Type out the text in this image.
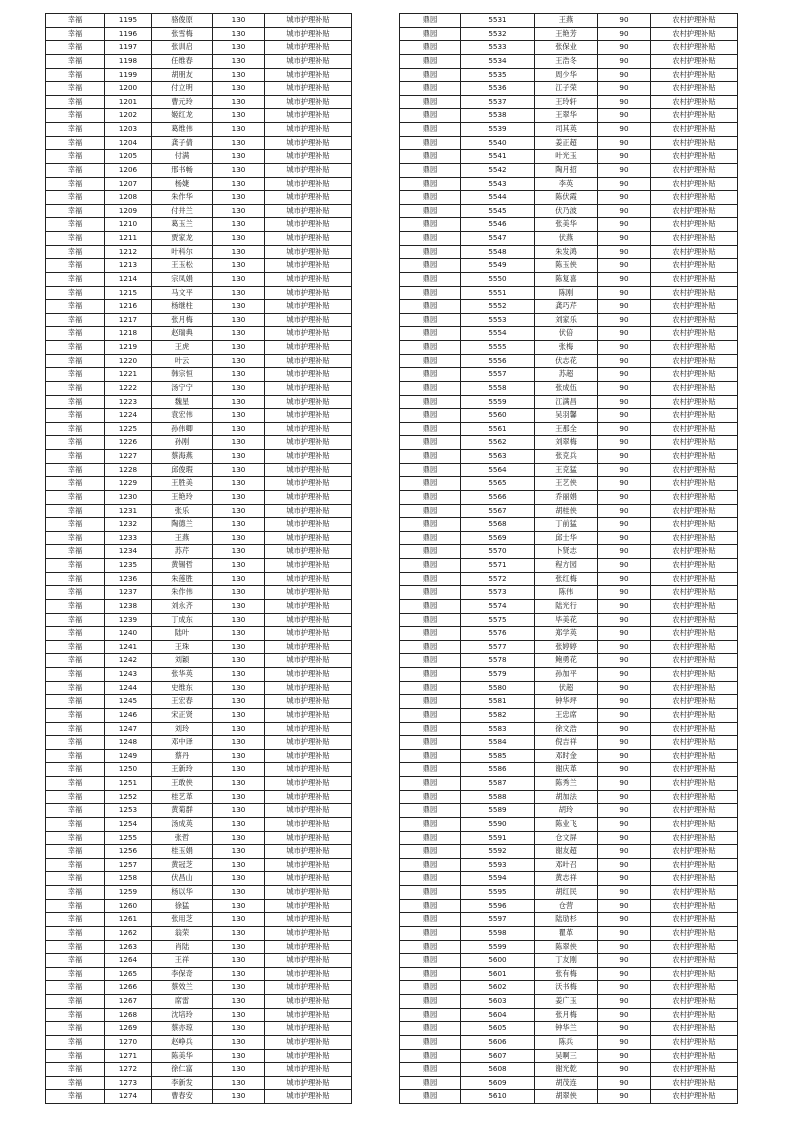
幸福	1195	骆俊原	130	城市护理补贴
幸福	1196	张雪梅	130	城市护理补贴
幸福	1197	张训启	130	城市护理补贴
幸福	1198	任维春	130	城市护理补贴
幸福	1199	胡朋友	130	城市护理补贴
幸福	1200	付立明	130	城市护理补贴
幸福	1201	曹元玲	130	城市护理补贴
幸福	1202	姬红龙	130	城市护理补贴
幸福	1203	葛维伟	130	城市护理补贴
幸福	1204	龚子倩	130	城市护理补贴
幸福	1205	付满	130	城市护理补贴
幸福	1206	邢书畅	130	城市护理补贴
幸福	1207	杨婕	130	城市护理补贴
幸福	1208	朱作华	130	城市护理补贴
幸福	1209	付井兰	130	城市护理补贴
幸福	1210	葛玉兰	130	城市护理补贴
幸福	1211	贾家龙	130	城市护理补贴
幸福	1212	叶科尔	130	城市护理补贴
幸福	1213	王玉松	130	城市护理补贴
幸福	1214	宗凤娟	130	城市护理补贴
幸福	1215	马文平	130	城市护理补贴
幸福	1216	杨继柱	130	城市护理补贴
幸福	1217	张月梅	130	城市护理补贴
幸福	1218	赵瑞典	130	城市护理补贴
幸福	1219	王虎	130	城市护理补贴
幸福	1220	叶云	130	城市护理补贴
幸福	1221	韩宗恒	130	城市护理补贴
幸福	1222	汤宁宁	130	城市护理补贴
幸福	1223	魏星	130	城市护理补贴
幸福	1224	袁宏伟	130	城市护理补贴
幸福	1225	孙伟卿	130	城市护理补贴
幸福	1226	孙刚	130	城市护理补贴
幸福	1227	蔡海燕	130	城市护理补贴
幸福	1228	邱俊瑕	130	城市护理补贴
幸福	1229	王胜美	130	城市护理补贴
幸福	1230	王艳玲	130	城市护理补贴
幸福	1231	张乐	130	城市护理补贴
幸福	1232	陶德兰	130	城市护理补贴
幸福	1233	王燕	130	城市护理补贴
幸福	1234	苏芹	130	城市护理补贴
幸福	1235	黄锡哲	130	城市护理补贴
幸福	1236	朱莲胜	130	城市护理补贴
幸福	1237	朱作伟	130	城市护理补贴
幸福	1238	刘永齐	130	城市护理补贴
幸福	1239	丁成东	130	城市护理补贴
幸福	1240	陆叶	130	城市护理补贴
幸福	1241	王珠	130	城市护理补贴
幸福	1242	刘颖	130	城市护理补贴
幸福	1243	张华英	130	城市护理补贴
幸福	1244	史维东	130	城市护理补贴
幸福	1245	王宏春	130	城市护理补贴
幸福	1246	宋正贤	130	城市护理补贴
幸福	1247	刘玲	130	城市护理补贴
幸福	1248	邓中译	130	城市护理补贴
幸福	1249	蔡丹	130	城市护理补贴
幸福	1250	王新玲	130	城市护理补贴
幸福	1251	王敢侠	130	城市护理补贴
幸福	1252	桂艺革	130	城市护理补贴
幸福	1253	黄菊群	130	城市护理补贴
幸福	1254	汤成英	130	城市护理补贴
幸福	1255	张哲	130	城市护理补贴
幸福	1256	桂玉娟	130	城市护理补贴
幸福	1257	黄冠芝	130	城市护理补贴
幸福	1258	伏昌山	130	城市护理补贴
幸福	1259	杨以华	130	城市护理补贴
幸福	1260	徐猛	130	城市护理补贴
幸福	1261	张用芝	130	城市护理补贴
幸福	1262	翁荣	130	城市护理补贴
幸福	1263	肖陆	130	城市护理补贴
幸福	1264	王祥	130	城市护理补贴
幸福	1265	李保奇	130	城市护理补贴
幸福	1266	蔡效兰	130	城市护理补贴
幸福	1267	席雷	130	城市护理补贴
幸福	1268	沈培玲	130	城市护理补贴
幸福	1269	蔡亦琼	130	城市护理补贴
幸福	1270	赵峥兵	130	城市护理补贴
幸福	1271	陈美华	130	城市护理补贴
幸福	1272	徐仁富	130	城市护理补贴
幸福	1273	李新发	130	城市护理补贴
幸福	1274	曹春安	130	城市护理补贴
鼎园	5531	王燕	90	农村护理补贴
鼎园	5532	王艳芳	90	农村护理补贴
鼎园	5533	张保业	90	农村护理补贴
鼎园	5534	王浩冬	90	农村护理补贴
鼎园	5535	周少华	90	农村护理补贴
鼎园	5536	江子荣	90	农村护理补贴
鼎园	5537	王玲轩	90	农村护理补贴
鼎园	5538	王翠华	90	农村护理补贴
鼎园	5539	司其英	90	农村护理补贴
鼎园	5540	姜正超	90	农村护理补贴
鼎园	5541	叶光玉	90	农村护理补贴
鼎园	5542	陶月招	90	农村护理补贴
鼎园	5543	李英	90	农村护理补贴
鼎园	5544	陈伏霞	90	农村护理补贴
鼎园	5545	伏乃波	90	农村护理补贴
鼎园	5546	张美华	90	农村护理补贴
鼎园	5547	伏燕	90	农村护理补贴
鼎园	5548	朱发鸿	90	农村护理补贴
鼎园	5549	陈玉侠	90	农村护理补贴
鼎园	5550	陈复喜	90	农村护理补贴
鼎园	5551	陈刚	90	农村护理补贴
鼎园	5552	龚巧芹	90	农村护理补贴
鼎园	5553	刘家乐	90	农村护理补贴
鼎园	5554	伏倍	90	农村护理补贴
鼎园	5555	张梅	90	农村护理补贴
鼎园	5556	伏志花	90	农村护理补贴
鼎园	5557	苏超	90	农村护理补贴
鼎园	5558	张成伍	90	农村护理补贴
鼎园	5559	江满昌	90	农村护理补贴
鼎园	5560	吴羽馨	90	农村护理补贴
鼎园	5561	王那全	90	农村护理补贴
鼎园	5562	刘翠梅	90	农村护理补贴
鼎园	5563	张克兵	90	农村护理补贴
鼎园	5564	王克猛	90	农村护理补贴
鼎园	5565	王艺侠	90	农村护理补贴
鼎园	5566	乔丽娟	90	农村护理补贴
鼎园	5567	胡桂侠	90	农村护理补贴
鼎园	5568	丁前猛	90	农村护理补贴
鼎园	5569	邱士华	90	农村护理补贴
鼎园	5570	卜贤志	90	农村护理补贴
鼎园	5571	程方园	90	农村护理补贴
鼎园	5572	张红梅	90	农村护理补贴
鼎园	5573	陈伟	90	农村护理补贴
鼎园	5574	陆光行	90	农村护理补贴
鼎园	5575	毕美花	90	农村护理补贴
鼎园	5576	郑学英	90	农村护理补贴
鼎园	5577	张婷婷	90	农村护理补贴
鼎园	5578	鲍勇花	90	农村护理补贴
鼎园	5579	孙加平	90	农村护理补贴
鼎园	5580	伏超	90	农村护理补贴
鼎园	5581	钟华坪	90	农村护理补贴
鼎园	5582	王忠席	90	农村护理补贴
鼎园	5583	徐文浩	90	农村护理补贴
鼎园	5584	倪吉祥	90	农村护理补贴
鼎园	5585	邓时金	90	农村护理补贴
鼎园	5586	谢庆革	90	农村护理补贴
鼎园	5587	陈秀兰	90	农村护理补贴
鼎园	5588	胡加法	90	农村护理补贴
鼎园	5589	胡玲	90	农村护理补贴
鼎园	5590	陈业飞	90	农村护理补贴
鼎园	5591	仓文屏	90	农村护理补贴
鼎园	5592	谢友超	90	农村护理补贴
鼎园	5593	邓叶召	90	农村护理补贴
鼎园	5594	黄志祥	90	农村护理补贴
鼎园	5595	胡红民	90	农村护理补贴
鼎园	5596	仓营	90	农村护理补贴
鼎园	5597	陆劢杉	90	农村护理补贴
鼎园	5598	瞿革	90	农村护理补贴
鼎园	5599	陈翠侠	90	农村护理补贴
鼎园	5600	丁友刚	90	农村护理补贴
鼎园	5601	张有梅	90	农村护理补贴
鼎园	5602	沃书梅	90	农村护理补贴
鼎园	5603	姜广玉	90	农村护理补贴
鼎园	5604	张月梅	90	农村护理补贴
鼎园	5605	钟华兰	90	农村护理补贴
鼎园	5606	陈兵	90	农村护理补贴
鼎园	5607	吴啊三	90	农村护理补贴
鼎园	5608	谢光乾	90	农村护理补贴
鼎园	5609	胡茂连	90	农村护理补贴
鼎园	5610	胡翠侠	90	农村护理补贴
